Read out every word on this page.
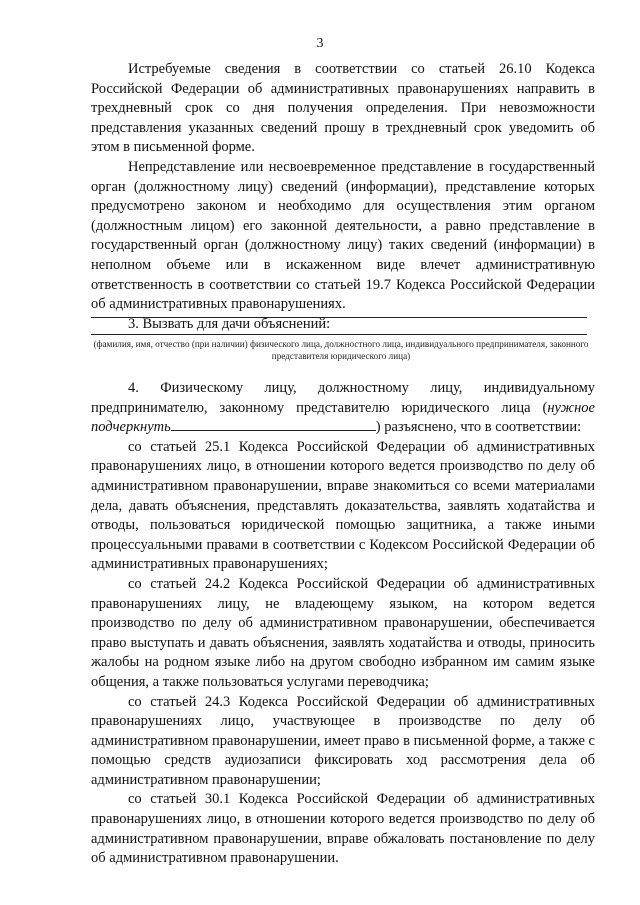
3

Истребуемые сведения в соответствии со статьей 26.10 Кодекса Российской Федерации об административных правонарушениях направить в трехдневный срок со дня получения определения. При невозможности представления указанных сведений прошу в трехдневный срок уведомить об этом в письменной форме.

Непредставление или несвоевременное представление в государственный орган (должностному лицу) сведений (информации), представление которых предусмотрено законом и необходимо для осуществления этим органом (должностным лицом) его законной деятельности, а равно представление в государственный орган (должностному лицу) таких сведений (информации) в неполном объеме или в искаженном виде влечет административную ответственность в соответствии со статьей 19.7 Кодекса Российской Федерации об административных правонарушениях.

3. Вызвать для дачи объяснений:

(фамилия, имя, отчество (при наличии) физического лица, должностного лица, индивидуального предпринимателя, законного представителя юридического лица)

4. Физическому лицу, должностному лицу, индивидуальному предпринимателю, законному представителю юридического лица (нужное подчеркнуть	) разъяснено, что в соответствии:

со статьей 25.1 Кодекса Российской Федерации об административных правонарушениях лицо, в отношении которого ведется производство по делу об административном правонарушении, вправе знакомиться со всеми материалами дела, давать объяснения, представлять доказательства, заявлять ходатайства и отводы, пользоваться юридической помощью защитника, а также иными процессуальными правами в соответствии с Кодексом Российской Федерации об административных правонарушениях;

со статьей 24.2 Кодекса Российской Федерации об административных правонарушениях лицу, не владеющему языком, на котором ведется производство по делу об административном правонарушении, обеспечивается право выступать и давать объяснения, заявлять ходатайства и отводы, приносить жалобы на родном языке либо на другом свободно избранном им самим языке общения, а также пользоваться услугами переводчика;

со статьей 24.3 Кодекса Российской Федерации об административных правонарушениях лицо, участвующее в производстве по делу об административном правонарушении, имеет право в письменной форме, а также с помощью средств аудиозаписи фиксировать ход рассмотрения дела об административном правонарушении;

со статьей 30.1 Кодекса Российской Федерации об административных правонарушениях лицо, в отношении которого ведется производство по делу об административном правонарушении, вправе обжаловать постановление по делу об административном правонарушении.
